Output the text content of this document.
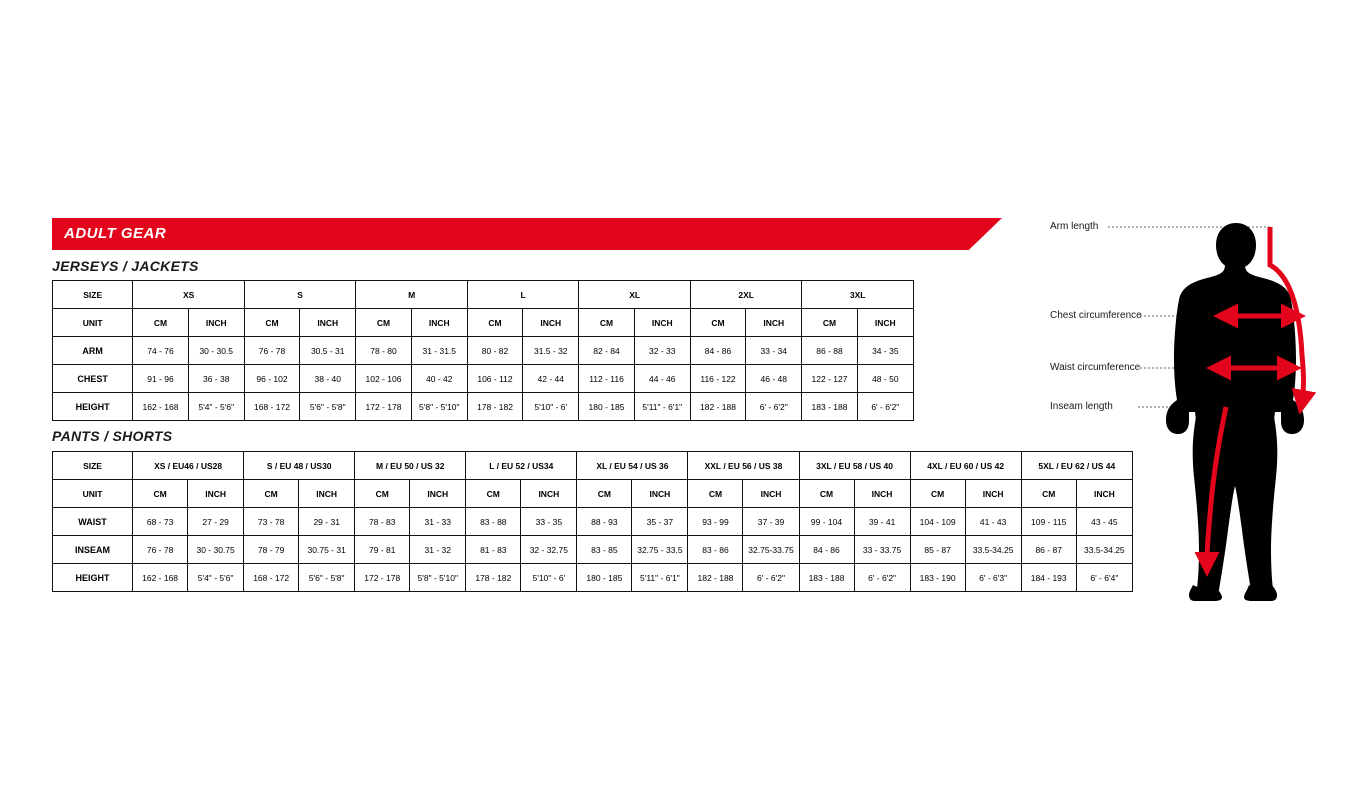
ADULT GEAR
JERSEYS / JACKETS
SIZE	XS		S		M		L		XL		2XL		3XL	
UNIT	CM	INCH	CM	INCH	CM	INCH	CM	INCH	CM	INCH	CM	INCH	CM	INCH
ARM	74 - 76	30 - 30.5	76 - 78	30.5 - 31	78 - 80	31 - 31.5	80 - 82	31.5 - 32	82 - 84	32 - 33	84 - 86	33 - 34	86 - 88	34 - 35
CHEST	91 - 96	36 - 38	96 - 102	38 - 40	102 - 106	40 - 42	106 - 112	42 - 44	112 - 116	44 - 46	116 - 122	46 - 48	122 - 127	48 - 50
HEIGHT	162 - 168	5'4" - 5'6"	168 - 172	5'6" - 5'8"	172 - 178	5'8" - 5'10"	178 - 182	5'10" - 6'	180 - 185	5'11" - 6'1"	182 - 188	6' - 6'2"	183 - 188	6' - 6'2"
PANTS / SHORTS
SIZE	XS / EU46 / US28		S / EU 48 / US30		M / EU 50 / US 32		L / EU 52 / US34		XL / EU 54 / US 36		XXL / EU 56 / US 38		3XL / EU 58 / US 40		4XL / EU 60 / US 42		5XL / EU 62 / US 44	
UNIT	CM	INCH	CM	INCH	CM	INCH	CM	INCH	CM	INCH	CM	INCH	CM	INCH	CM	INCH	CM	INCH
WAIST	68 - 73	27 - 29	73 - 78	29 - 31	78 - 83	31 - 33	83 - 88	33 - 35	88 - 93	35 - 37	93 - 99	37 - 39	99 - 104	39 - 41	104 - 109	41 - 43	109 - 115	43 - 45
INSEAM	76 - 78	30 - 30.75	78 - 79	30.75 - 31	79 - 81	31 - 32	81 - 83	32 - 32.75	83 - 85	32.75 - 33.5	83 - 86	32.75-33.75	84 - 86	33 - 33.75	85 - 87	33.5-34.25	86 - 87	33.5-34.25
HEIGHT	162 - 168	5'4" - 5'6"	168 - 172	5'6" - 5'8"	172 - 178	5'8" - 5'10"	178 - 182	5'10" - 6'	180 - 185	5'11" - 6'1"	182 - 188	6' - 6'2"	183 - 188	6' - 6'2"	183 - 190	6' - 6'3"	184 - 193	6' - 6'4"
Arm length
Chest circumference
Waist circumference
Inseam length
